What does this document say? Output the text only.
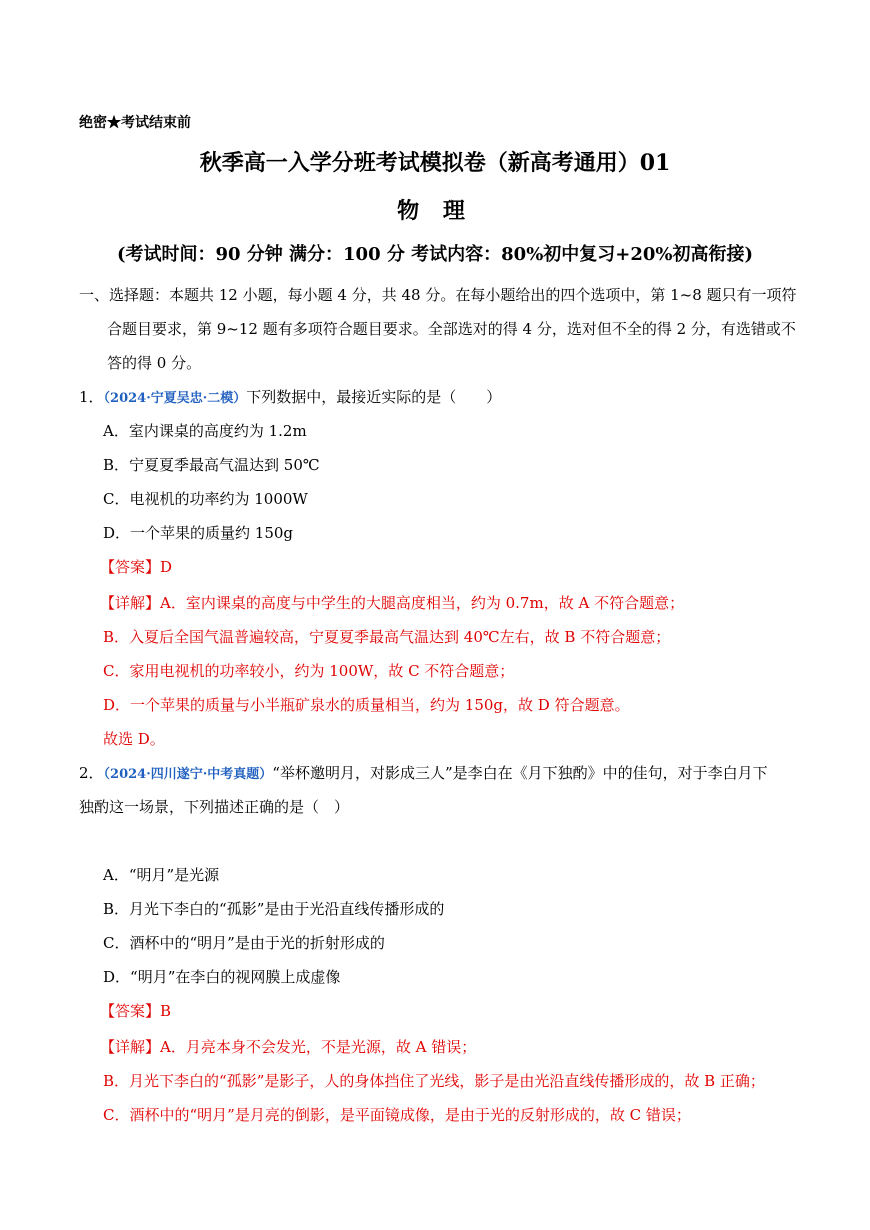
绝密★考试结束前
秋季高一入学分班考试模拟卷（新高考通用）01
物 理
(考试时间：90 分钟 满分：100 分 考试内容：80%初中复习+20%初高衔接)
一、选择题：本题共 12 小题，每小题 4 分，共 48 分。在每小题给出的四个选项中，第 1~8 题只有一项符
合题目要求，第 9~12 题有多项符合题目要求。全部选对的得 4 分，选对但不全的得 2 分，有选错或不
答的得 0 分。
1．（2024·宁夏吴忠·二模）下列数据中，最接近实际的是（　　）
A．室内课桌的高度约为 1.2m
B．宁夏夏季最高气温达到 50℃
C．电视机的功率约为 1000W
D．一个苹果的质量约 150g
【答案】D
【详解】A．室内课桌的高度与中学生的大腿高度相当，约为 0.7m，故 A 不符合题意；
B．入夏后全国气温普遍较高，宁夏夏季最高气温达到 40℃左右，故 B 不符合题意；
C．家用电视机的功率较小，约为 100W，故 C 不符合题意；
D．一个苹果的质量与小半瓶矿泉水的质量相当，约为 150g，故 D 符合题意。
故选 D。
2．（2024·四川遂宁·中考真题）“举杯邀明月，对影成三人”是李白在《月下独酌》中的佳句，对于李白月下
独酌这一场景，下列描述正确的是（　）
A．“明月”是光源
B．月光下李白的“孤影”是由于光沿直线传播形成的
C．酒杯中的“明月”是由于光的折射形成的
D．“明月”在李白的视网膜上成虚像
【答案】B
【详解】A．月亮本身不会发光，不是光源，故 A 错误；
B．月光下李白的“孤影”是影子，人的身体挡住了光线，影子是由光沿直线传播形成的，故 B 正确；
C．酒杯中的“明月”是月亮的倒影，是平面镜成像，是由于光的反射形成的，故 C 错误；
